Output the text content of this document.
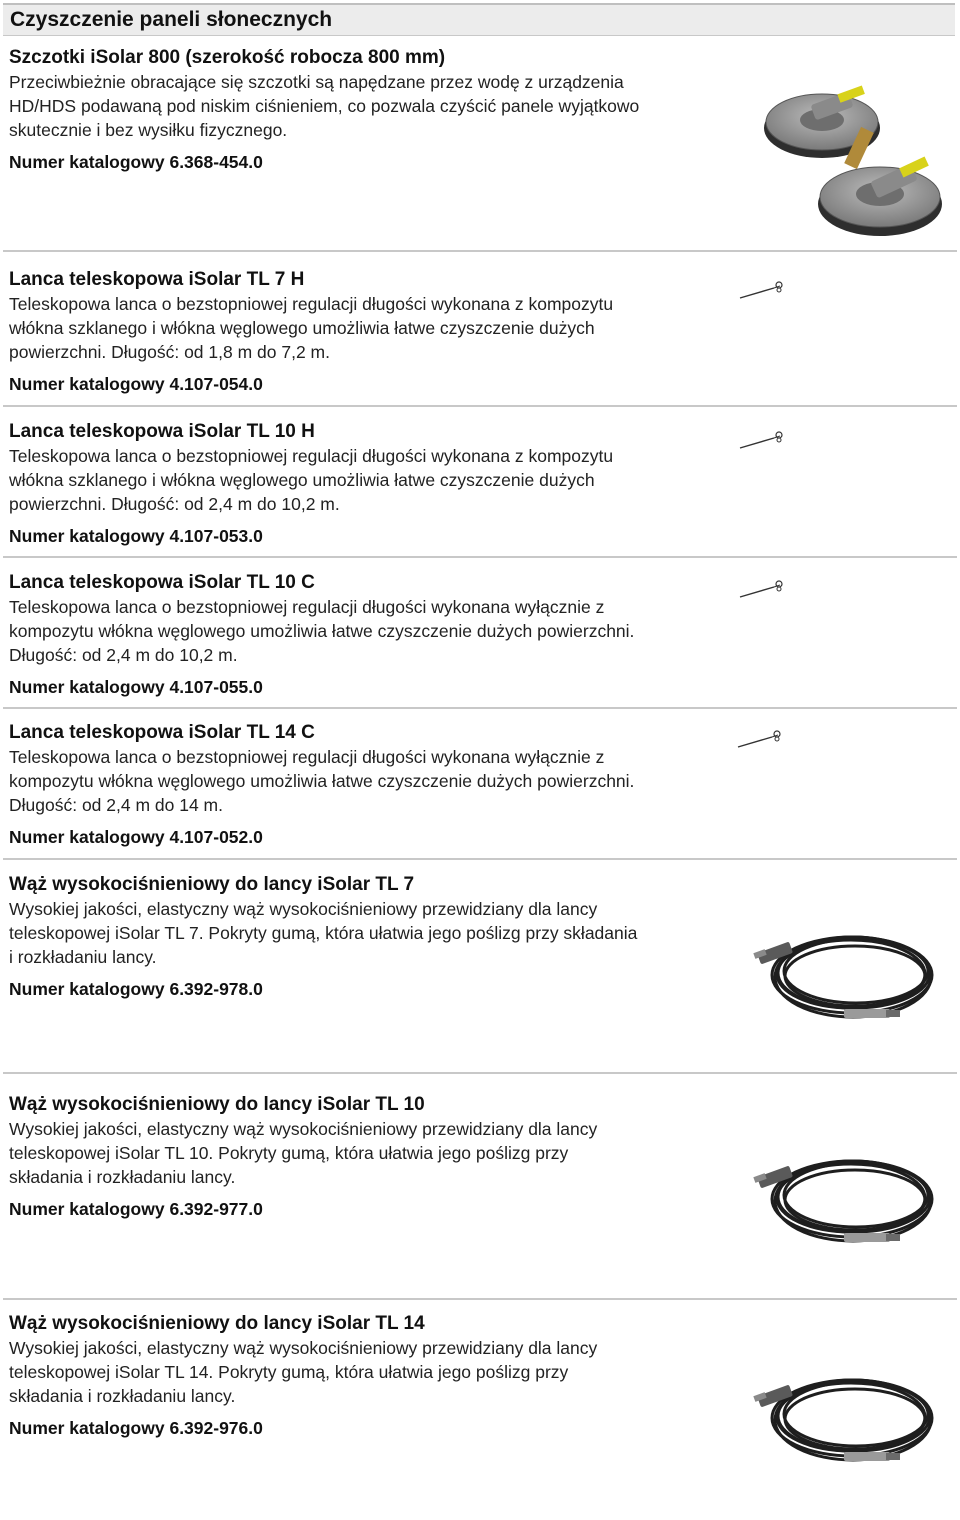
Czyszczenie paneli słonecznych

Szczotki iSolar 800 (szerokość robocza 800 mm)

Przeciwbieżnie obracające się szczotki są napędzane przez wodę z urządzenia

HD/HDS podawaną pod niskim ciśnieniem, co pozwala czyścić panele wyjątkowo

skutecznie i bez wysiłku fizycznego.

Numer katalogowy 6.368-454.0

Lanca teleskopowa iSolar TL 7 H

Teleskopowa lanca o bezstopniowej regulacji długości wykonana z kompozytu

włókna szklanego i włókna węglowego umożliwia łatwe czyszczenie dużych

powierzchni. Długość: od 1,8 m do 7,2 m.

Numer katalogowy 4.107-054.0

Lanca teleskopowa iSolar TL 10 H

Teleskopowa lanca o bezstopniowej regulacji długości wykonana z kompozytu

włókna szklanego i włókna węglowego umożliwia łatwe czyszczenie dużych

powierzchni. Długość: od 2,4 m do 10,2 m.

Numer katalogowy 4.107-053.0

Lanca teleskopowa iSolar TL 10 C

Teleskopowa lanca o bezstopniowej regulacji długości wykonana wyłącznie z

kompozytu włókna węglowego umożliwia łatwe czyszczenie dużych powierzchni.

Długość: od 2,4 m do 10,2 m.

Numer katalogowy 4.107-055.0

Lanca teleskopowa iSolar TL 14 C

Teleskopowa lanca o bezstopniowej regulacji długości wykonana wyłącznie z

kompozytu włókna węglowego umożliwia łatwe czyszczenie dużych powierzchni.

Długość: od 2,4 m do 14 m.

Numer katalogowy 4.107-052.0

Wąż wysokociśnieniowy do lancy iSolar TL 7

Wysokiej jakości, elastyczny wąż wysokociśnieniowy przewidziany dla lancy

teleskopowej iSolar TL 7. Pokryty gumą, która ułatwia jego poślizg przy składania

i rozkładaniu lancy.

Numer katalogowy 6.392-978.0

Wąż wysokociśnieniowy do lancy iSolar TL 10

Wysokiej jakości, elastyczny wąż wysokociśnieniowy przewidziany dla lancy

teleskopowej iSolar TL 10. Pokryty gumą, która ułatwia jego poślizg przy

składania i rozkładaniu lancy.

Numer katalogowy 6.392-977.0

Wąż wysokociśnieniowy do lancy iSolar TL 14

Wysokiej jakości, elastyczny wąż wysokociśnieniowy przewidziany dla lancy

teleskopowej iSolar TL 14. Pokryty gumą, która ułatwia jego poślizg przy

składania i rozkładaniu lancy.

Numer katalogowy 6.392-976.0
